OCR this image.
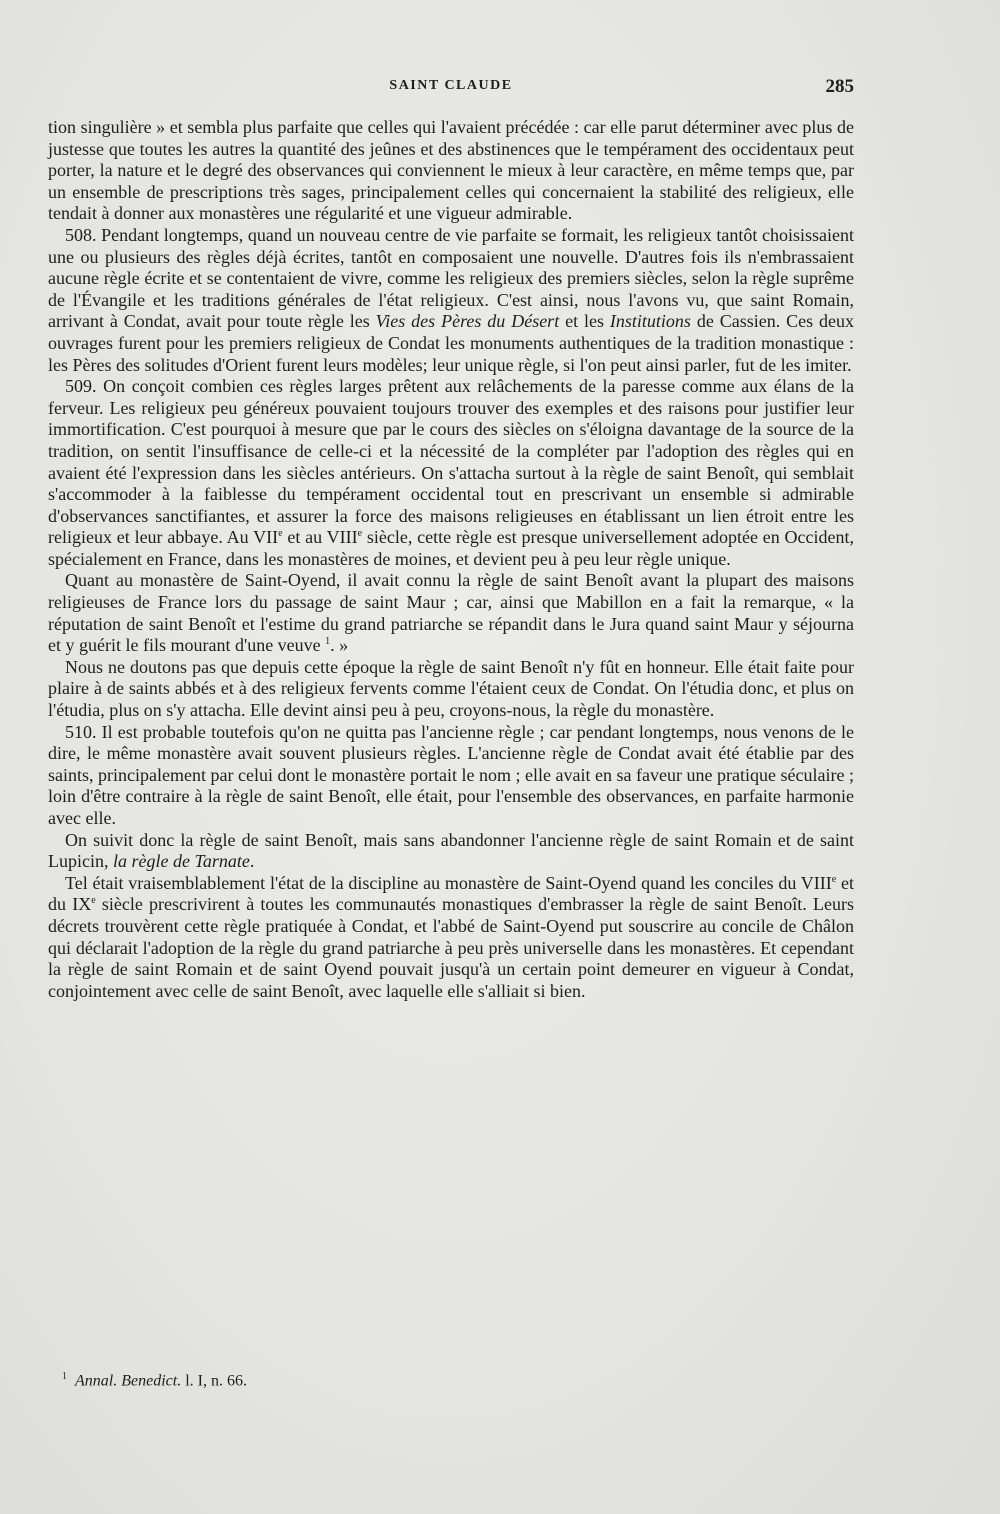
SAINT CLAUDE	285

tion singulière » et sembla plus parfaite que celles qui l'avaient précédée : car elle parut déterminer avec plus de justesse que toutes les autres la quantité des jeûnes et des abstinences que le tempérament des occidentaux peut porter, la nature et le degré des observances qui conviennent le mieux à leur caractère, en même temps que, par un ensemble de prescriptions très sages, principalement celles qui concernaient la stabilité des religieux, elle tendait à donner aux monastères une régularité et une vigueur admirable.

508. Pendant longtemps, quand un nouveau centre de vie parfaite se formait, les religieux tantôt choisissaient une ou plusieurs des règles déjà écrites, tantôt en composaient une nouvelle. D'autres fois ils n'embrassaient aucune règle écrite et se contentaient de vivre, comme les religieux des premiers siècles, selon la règle suprême de l'Évangile et les traditions générales de l'état religieux. C'est ainsi, nous l'avons vu, que saint Romain, arrivant à Condat, avait pour toute règle les Vies des Pères du Désert et les Institutions de Cassien. Ces deux ouvrages furent pour les premiers religieux de Condat les monuments authentiques de la tradition monastique : les Pères des solitudes d'Orient furent leurs modèles; leur unique règle, si l'on peut ainsi parler, fut de les imiter.

509. On conçoit combien ces règles larges prêtent aux relâchements de la paresse comme aux élans de la ferveur. Les religieux peu généreux pouvaient toujours trouver des exemples et des raisons pour justifier leur immortification. C'est pourquoi à mesure que par le cours des siècles on s'éloigna davantage de la source de la tradition, on sentit l'insuffisance de celle-ci et la nécessité de la compléter par l'adoption des règles qui en avaient été l'expression dans les siècles antérieurs. On s'attacha surtout à la règle de saint Benoît, qui semblait s'accommoder à la faiblesse du tempérament occidental tout en prescrivant un ensemble si admirable d'observances sanctifiantes, et assurer la force des maisons religieuses en établissant un lien étroit entre les religieux et leur abbaye. Au VIIe et au VIIIe siècle, cette règle est presque universellement adoptée en Occident, spécialement en France, dans les monastères de moines, et devient peu à peu leur règle unique.

Quant au monastère de Saint-Oyend, il avait connu la règle de saint Benoît avant la plupart des maisons religieuses de France lors du passage de saint Maur ; car, ainsi que Mabillon en a fait la remarque, « la réputation de saint Benoît et l'estime du grand patriarche se répandit dans le Jura quand saint Maur y séjourna et y guérit le fils mourant d'une veuve $^1$. »

Nous ne doutons pas que depuis cette époque la règle de saint Benoît n'y fût en honneur. Elle était faite pour plaire à de saints abbés et à des religieux fervents comme l'étaient ceux de Condat. On l'étudia donc, et plus on l'étudia, plus on s'y attacha. Elle devint ainsi peu à peu, croyons-nous, la règle du monastère.

510. Il est probable toutefois qu'on ne quitta pas l'ancienne règle ; car pendant longtemps, nous venons de le dire, le même monastère avait souvent plusieurs règles. L'ancienne règle de Condat avait été établie par des saints, principalement par celui dont le monastère portait le nom ; elle avait en sa faveur une pratique séculaire ; loin d'être contraire à la règle de saint Benoît, elle était, pour l'ensemble des observances, en parfaite harmonie avec elle.

On suivit donc la règle de saint Benoît, mais sans abandonner l'ancienne règle de saint Romain et de saint Lupicin, la règle de Tarnate.

Tel était vraisemblablement l'état de la discipline au monastère de Saint-Oyend quand les conciles du VIIIe et du IXe siècle prescrivirent à toutes les communautés monastiques d'embrasser la règle de saint Benoît. Leurs décrets trouvèrent cette règle pratiquée à Condat, et l'abbé de Saint-Oyend put souscrire au concile de Châlon qui déclarait l'adoption de la règle du grand patriarche à peu près universelle dans les monastères. Et cependant la règle de saint Romain et de saint Oyend pouvait jusqu'à un certain point demeurer en vigueur à Condat, conjointement avec celle de saint Benoît, avec laquelle elle s'alliait si bien.

$^1$ Annal. Benedict. l. I, n. 66.
